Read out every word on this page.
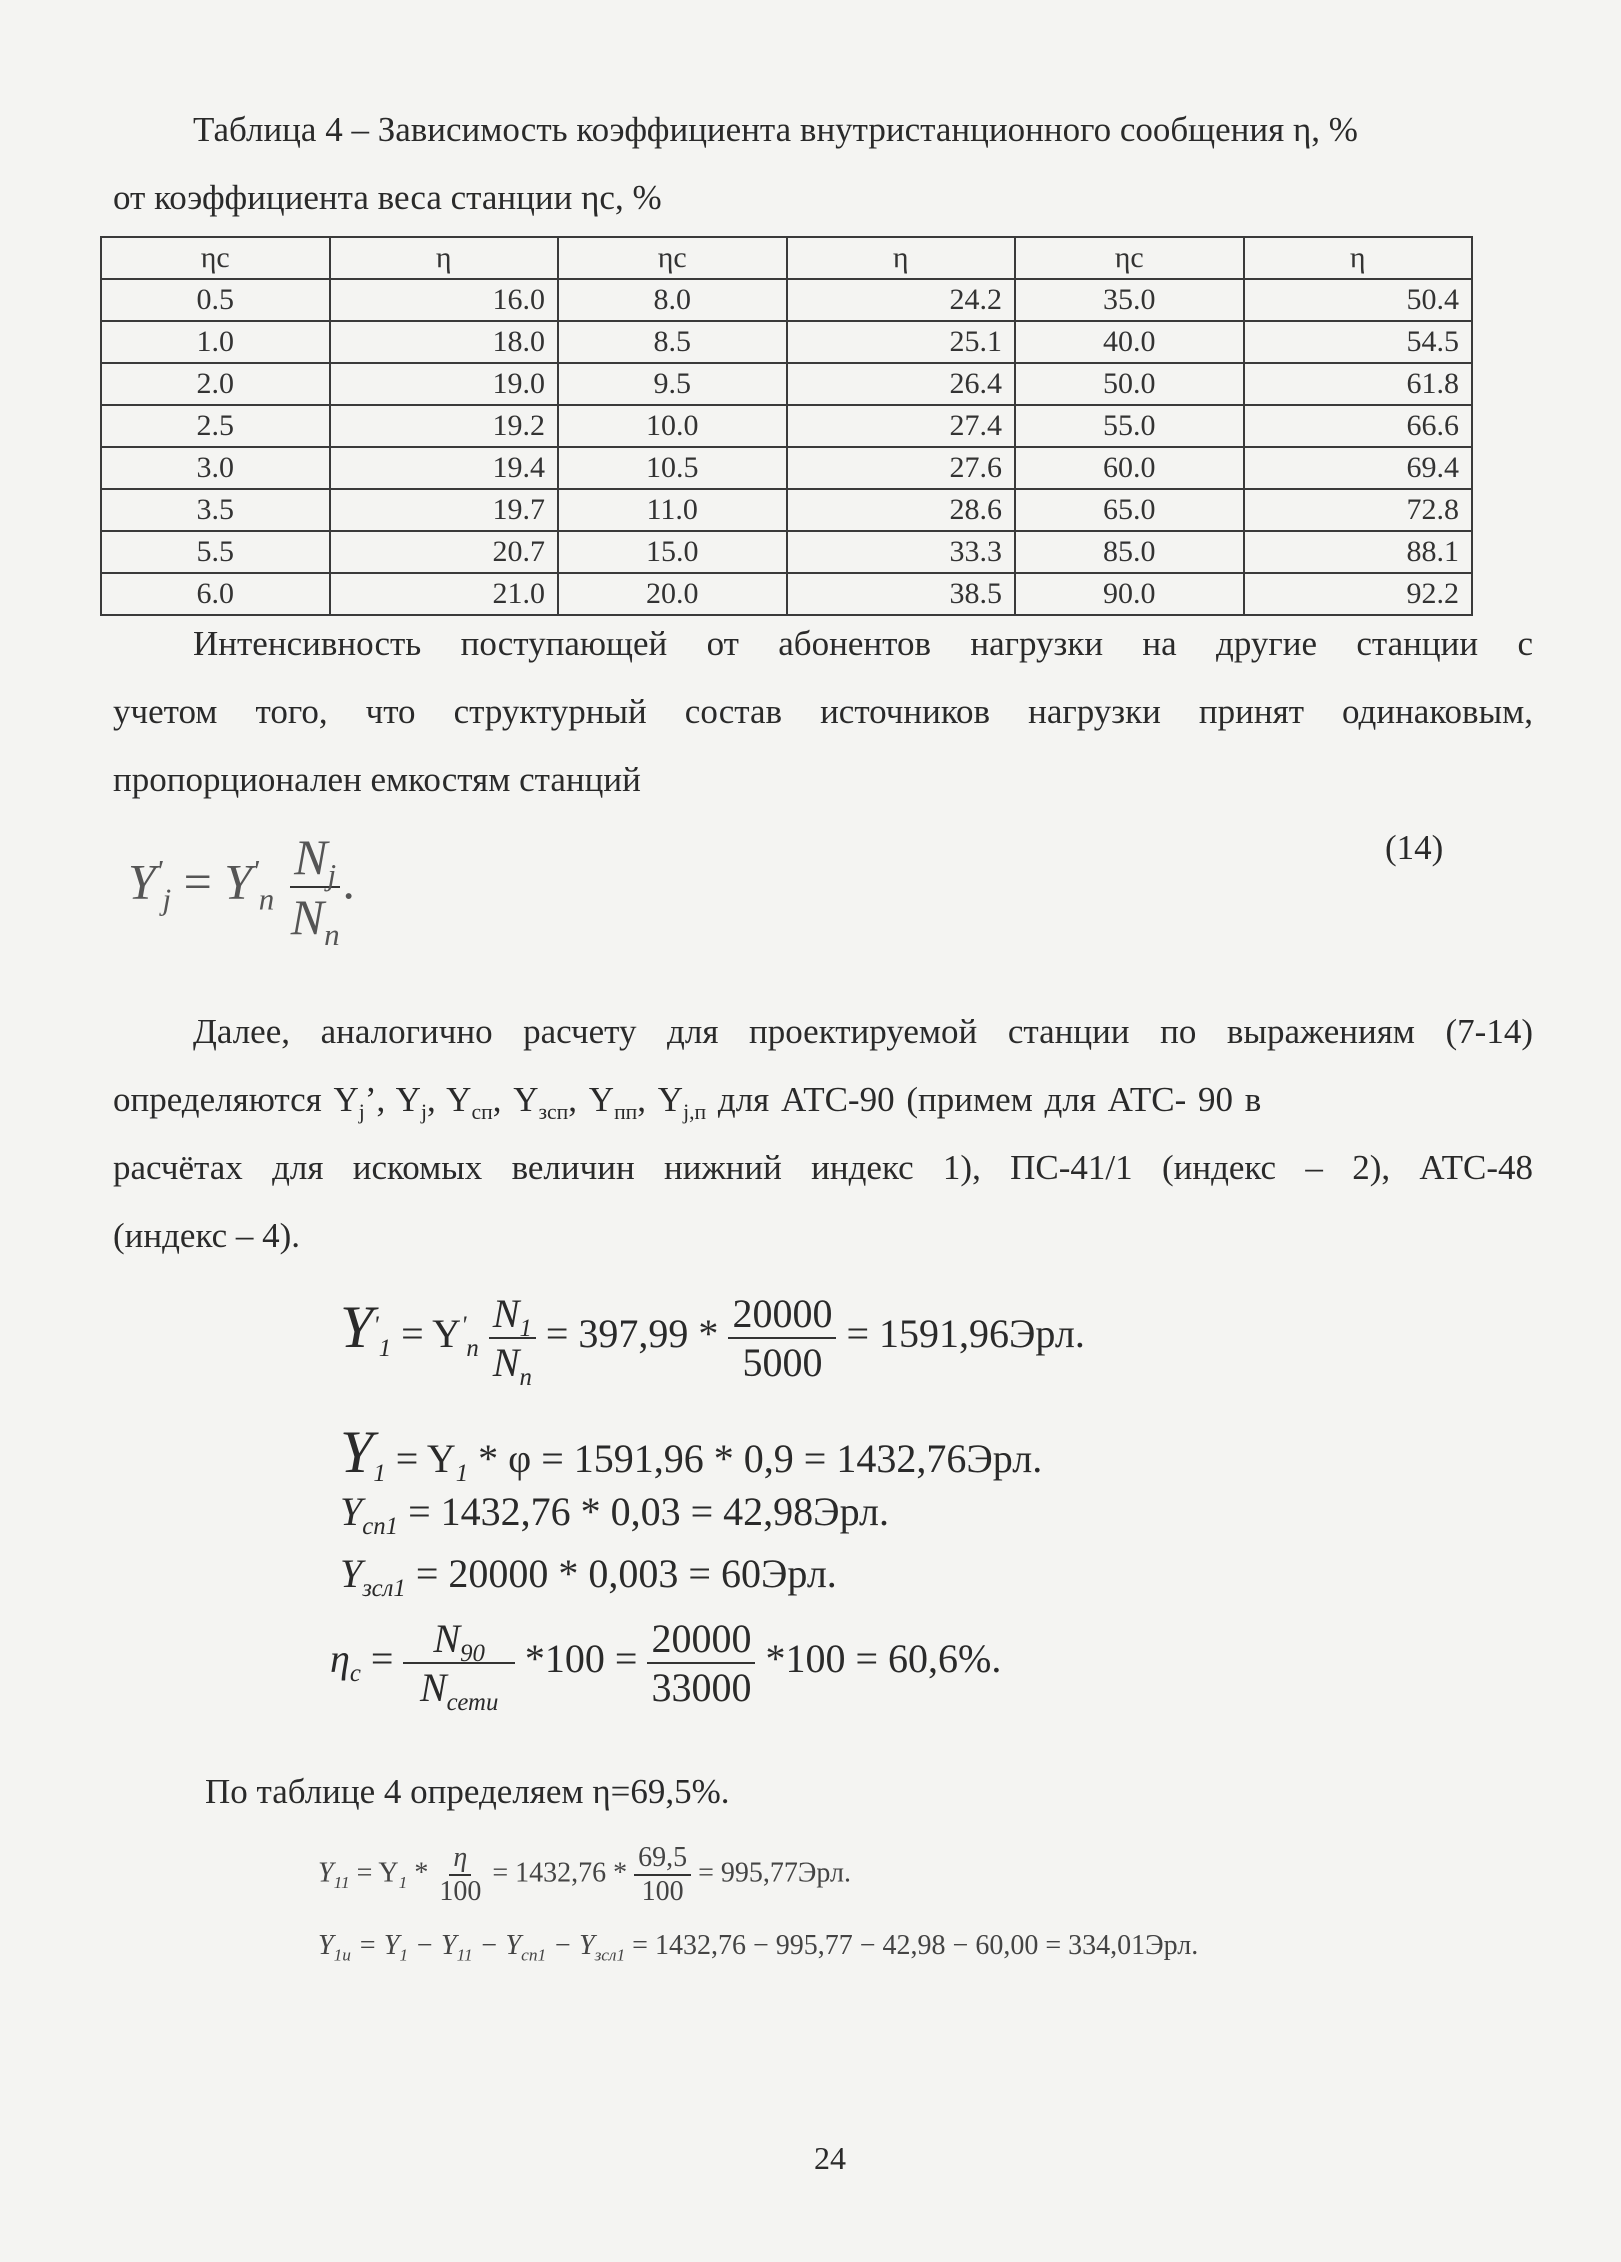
Таблица 4 – Зависимость коэффициента внутристанционного сообщения η, %
от коэффициента веса станции ηс, %
ηс	η	ηс	η	ηс	η
0.5	16.0	8.0	24.2	35.0	50.4
1.0	18.0	8.5	25.1	40.0	54.5
2.0	19.0	9.5	26.4	50.0	61.8
2.5	19.2	10.0	27.4	55.0	66.6
3.0	19.4	10.5	27.6	60.0	69.4
3.5	19.7	11.0	28.6	65.0	72.8
5.5	20.7	15.0	33.3	85.0	88.1
6.0	21.0	20.0	38.5	90.0	92.2
Интенсивность поступающей от абонентов нагрузки на другие станции с
учетом того, что структурный состав источников нагрузки принят одинаковым,
пропорционален емкостям станций
$Y'_j = Y'_n \frac{N_j}{N_n}$ .
(14)
Далее, аналогично расчету для проектируемой станции по выражениям (7-14)
определяются $Y_j$’, $Y_j$, $Y_{сп}$, $Y_{зсп}$, $Y_{пп}$, $Y_{j,п}$ для АТС-90 (примем для АТС- 90 в
расчётах для искомых величин нижний индекс 1), ПС-41/1 (индекс – 2), АТС-48
(индекс – 4).
$Y'_1 = Y'_n \frac{N_1}{N_n} = 397,99 * \frac{20000}{5000} = 1591,96Эрл$.
$Y_1 = Y_1 * \varphi = 1591,96 * 0,9 = 1432,76Эрл$.
$Y_{сп1} = 1432,76 * 0,03 = 42,98Эрл$.
$Y_{зсл1} = 20000 * 0,003 = 60Эрл$.
$\eta_c = \frac{N_{90}}{N_{сети}} *100 = \frac{20000}{33000} *100 = 60,6\%$.
По таблице 4 определяем η=69,5%.
$Y_{11} = Y_1 * \frac{\eta}{100} = 1432,76 * \frac{69,5}{100} = 995,77Эрл$.
$Y_{1и} = Y_1 - Y_{11} - Y_{сп1} - Y_{зсл1} = 1432,76 - 995,77 - 42,98 - 60,00 = 334,01Эрл$.
24
